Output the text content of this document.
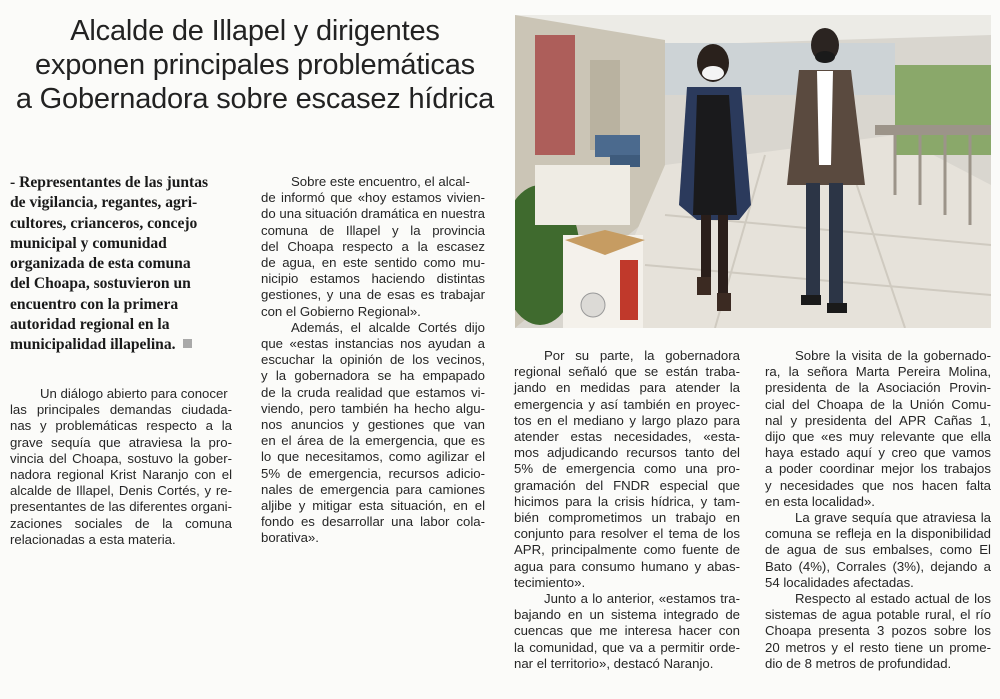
Alcalde de Illapel y dirigentes
exponen principales problemáticas
a Gobernadora sobre escasez hídrica
- Representantes de las juntas
de vigilancia, regantes, agri-
cultores, crianceros, concejo
municipal y comunidad
organizada de esta comuna
del Choapa, sostuvieron un
encuentro con la primera
autoridad regional en la
municipalidad illapelina.
Un diálogo abierto para conocer
las principales demandas ciudada-
nas y problemáticas respecto a la
grave sequía que atraviesa la pro-
vincia del Choapa, sostuvo la gober-
nadora regional Krist Naranjo con el
alcalde de Illapel, Denis Cortés, y re-
presentantes de las diferentes organi-
zaciones sociales de la comuna
relacionadas a esta materia.
Sobre este encuentro, el alcal-
de informó que «hoy estamos vivien-
do una situación dramática en nuestra
comuna de Illapel y la provincia
del Choapa respecto a la escasez
de agua, en este sentido como mu-
nicipio estamos haciendo distintas
gestiones, y una de esas es trabajar
con el Gobierno Regional».
Además, el alcalde Cortés dijo
que «estas instancias nos ayudan a
escuchar la opinión de los vecinos,
y la gobernadora se ha empapado
de la cruda realidad que estamos vi-
viendo, pero también ha hecho algu-
nos anuncios y gestiones que van
en el área de la emergencia, que es
lo que necesitamos, como agilizar el
5% de emergencia, recursos adicio-
nales de emergencia para camiones
aljibe y mitigar esta situación, en el
fondo es desarrollar una labor cola-
borativa».
Por su parte, la gobernadora
regional señaló que se están traba-
jando en medidas para atender la
emergencia y así también en proyec-
tos en el mediano y largo plazo para
atender estas necesidades, «esta-
mos adjudicando recursos tanto del
5% de emergencia como una pro-
gramación del FNDR especial que
hicimos para la crisis hídrica, y tam-
bién comprometimos un trabajo en
conjunto para resolver el tema de los
APR, principalmente como fuente de
agua para consumo humano y abas-
tecimiento».
Junto a lo anterior, «estamos tra-
bajando en un sistema integrado de
cuencas que me interesa hacer con
la comunidad, que va a permitir orde-
nar el territorio», destacó Naranjo.
Sobre la visita de la gobernado-
ra, la señora Marta Pereira Molina,
presidenta de la Asociación Provin-
cial del Choapa de la Unión Comu-
nal y presidenta del APR Cañas 1,
dijo que «es muy relevante que ella
haya estado aquí y creo que vamos
a poder coordinar mejor los trabajos
y necesidades que nos hacen falta
en esta localidad».
La grave sequía que atraviesa la
comuna se refleja en la disponibilidad
de agua de sus embalses, como El
Bato (4%), Corrales (3%), dejando a
54 localidades afectadas.
Respecto al estado actual de los
sistemas de agua potable rural, el río
Choapa presenta 3 pozos sobre los
20 metros y el resto tiene un prome-
dio de 8 metros de profundidad.
